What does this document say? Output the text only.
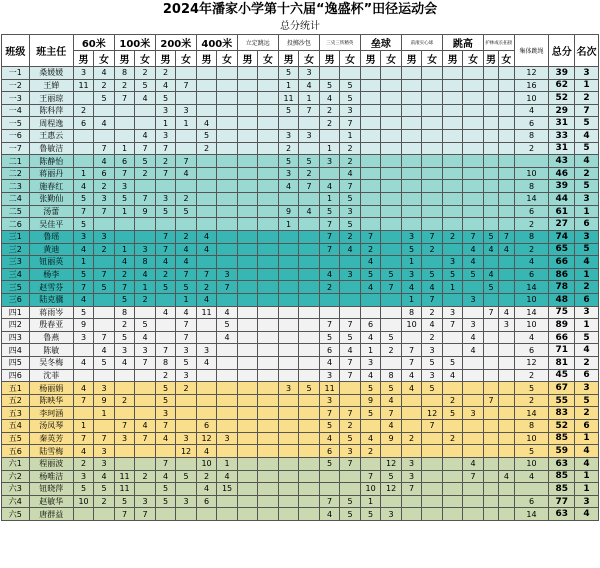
2024年潘家小学第十六届“逸盛杯”田径运动会
总分统计
班级	班主任	60米		100米		200米		400米		立定跳远		投掷沙包		三史三铁精英		垒球		前滚实心球		跳高		护林成长拓接		集体跳绳	总分	名次
		男	女	男	女	男	女	男	女	男	女	男	女	男	女	男	女	男	女	男	女	男	女			
一1	桑媛媛	3	4	8	2	2						5	3											12	39	3
一2	王婵	11	2	2	5	4	7					1	4	5	5									16	62	1
一3	王丽琼		5	7	4	5						11	1	4	5									10	52	2
一4	陈科萍	2				3	3					5	7	2	3									4	29	7
一5	周程逸	6	4			1	1	4						2	7									6	31	5
一6	王惠云				4	3		5				3	3		1									8	33	4
一7	鲁敏洁		7	1	7	7		2				2		1	2									2	31	5
二1	陈静怡		4	6	5	2	7					5	5	3	2										43	4
二2	蒋丽丹	1	6	7	2	7	4					3	2		4									10	46	2
二3	施春红	4	2	3								4	7	4	7									8	39	5
二4	张勤仙	5	3	5	7	3	2							1	5									14	44	3
二5	汤蕾	7	7	1	9	5	5					9	4	5	3									6	61	1
二6	吴佳平	5										1		7	5									2	27	6
三1	鲁瑶	3	3			7	2	4						7	2	7		3	7	2	7	5	7	8	74	3
三2	黄迪	4	2	1	3	7	4	4						7	4	2		5	2		4	4	4	2	65	5
三3	钮丽英	1		4	8	4	4									4		1		3	4			4	66	4
三4	杨李	5	7	2	4	2	7	7	3					4	3	5	5	3	5	5	5	4		6	86	1
三5	赵雪芬	7	5	7	1	5	5	2	7					2		4	7	4	4	1		5		14	78	2
三6	陆克骥	4		5	2		1	4										1	7		3			10	48	6
四1	蒋雨岑	5		8		4	4	11	4									8	2	3		7	4	14	75	3
四2	殷春亚	9		2	5		7		5					7	7	6		10	4	7	3		3	10	89	1
四3	鲁燕	3	7	5	4		7		4					5	5	4	5		2		4			4	66	5
四4	陈敏		4	3	3	7	3	3						6	4	1	2	7	3		4			6	71	4
四5	吴冬梅	4	5	4	7	8	5	4						4	7	3		7	5	5				12	81	2
四6	沈菲					2	3							3	7	4	8	4	3	4				2	45	6
五1	杨丽娟	4	3			5	2					3	5	11		5	5	4	5					5	67	3
五2	陈映华	7	9	2		5								3		9	4			2		7		2	55	5
五3	李珂涵		1			3								7	7	5	7		12	5	3			14	83	2
五4	汤凤琴	1		7	4	7		6						5	2		4		7					8	52	6
五5	秦英芳	7	7	3	7	4	3	12	3					4	5	4	9	2		2				10	85	1
五6	陆雪梅	4	3				12	4						6	3	2								5	59	4
六1	程丽波	2	3			7		10	1					5	7		12	3			4			10	63	4
六2	杨唯洁	3	4	11	2	4	5	2	4							7	5	3			7		4	4	85	1
六3	钮晓萍	5	5	11		5		4	15							10	12	7							85	1
六4	赵敏华	10	2	5	3	5	3	6						7	5	1								6	77	3
六5	唐群益			7	7									4	5	5	3							14	63	4
